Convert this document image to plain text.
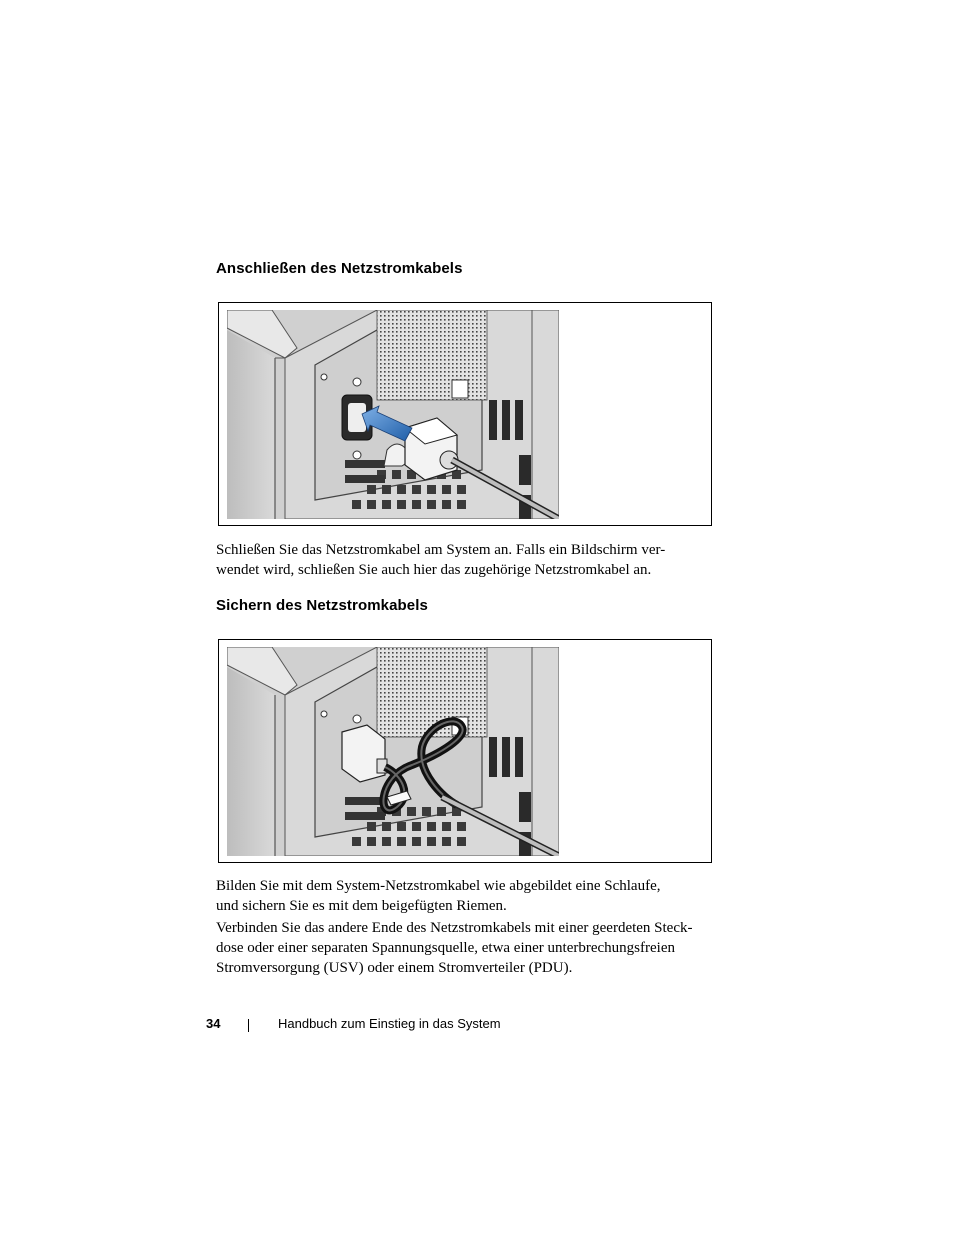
Anschließen des Netzstromkabels

Schließen Sie das Netzstromkabel am System an. Falls ein Bildschirm ver-
wendet wird, schließen Sie auch hier das zugehörige Netzstromkabel an.

Sichern des Netzstromkabels

Bilden Sie mit dem System-Netzstromkabel wie abgebildet eine Schlaufe,
und sichern Sie es mit dem beigefügten Riemen.

Verbinden Sie das andere Ende des Netzstromkabels mit einer geerdeten Steck-
dose oder einer separaten Spannungsquelle, etwa einer unterbrechungsfreien
Stromversorgung (USV) oder einem Stromverteiler (PDU).

34	Handbuch zum Einstieg in das System
